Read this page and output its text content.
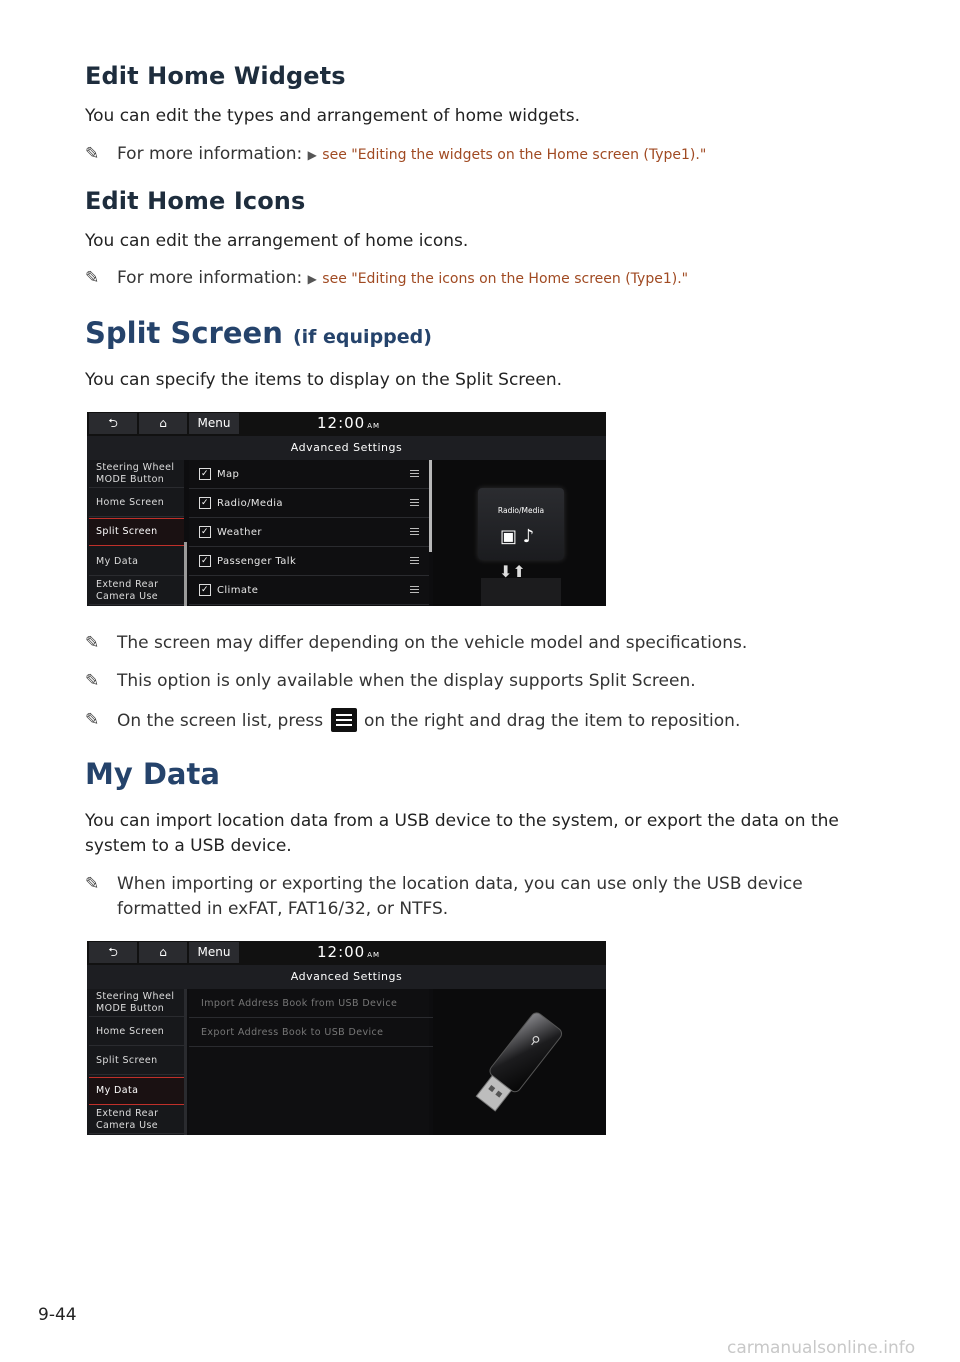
Edit Home Widgets

You can edit the types and arrangement of home widgets.

✎	For more information: ▶ see "Editing the widgets on the Home screen (Type1)."
Edit Home Icons

You can edit the arrangement of home icons.

✎	For more information: ▶ see "Editing the icons on the Home screen (Type1)."
Split Screen (if equipped)

You can specify the items to display on the Split Screen.

⮌	⌂	Menu	12:00 AM
Advanced Settings
Steering Wheel MODE Button
Home Screen
Split Screen
My Data
Extend Rear Camera Use
✓ Map
✓ Radio/Media
✓ Weather
✓ Passenger Talk
✓ Climate
Radio/Media
▣ ♪
⬇⬆
✎	The screen may differ depending on the vehicle model and specifications.
✎	This option is only available when the display supports Split Screen.
✎	On the screen list, press on the right and drag the item to reposition.
My Data

You can import location data from a USB device to the system, or export the data on the system to a USB device.

✎	When importing or exporting the location data, you can use only the USB device formatted in exFAT, FAT16/32, or NTFS.
⮌	⌂	Menu	12:00 AM
Advanced Settings
Steering Wheel MODE Button
Home Screen
Split Screen
My Data
Extend Rear Camera Use
Import Address Book from USB Device
Export Address Book to USB Device
⚲
9-44
carmanualsonline.info
